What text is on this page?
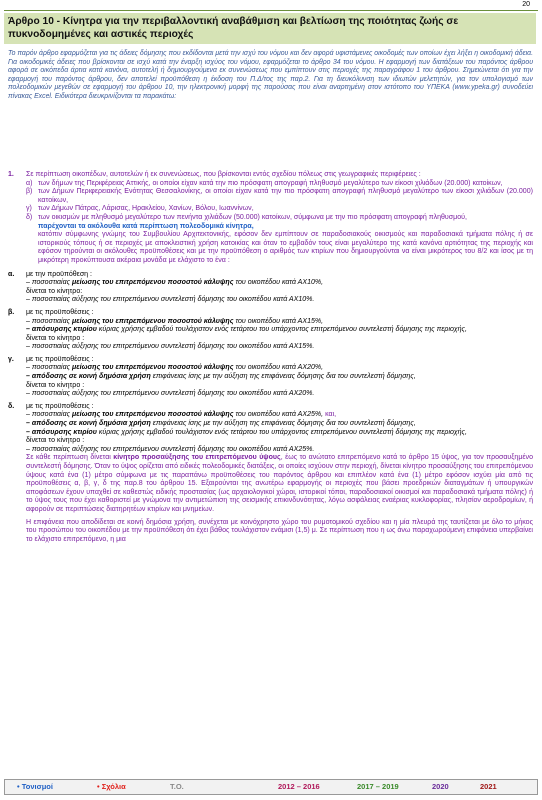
20
Άρθρο 10 - Κίνητρα για την περιβαλλοντική αναβάθμιση και βελτίωση της ποιότητας ζωής σε πυκνοδομημένες και αστικές περιοχές
Το παρόν άρθρο εφαρμόζεται για τις άδειες δόμησης που εκδίδονται μετά την ισχύ του νόμου και δεν αφορά υφιστάμενες οικοδομές των οποίων έχει λήξει η οικοδομική άδεια. Για οικοδομικές άδειες που βρίσκονται σε ισχύ κατά την έναρξη ισχύος του νόμου, εφαρμόζεται το άρθρο 34 του νόμου. Η εφαρμογή των διατάξεων του παρόντος άρθρου αφορά σε οικόπεδα άρτια κατά κανόνα, αυτοτελή ή δημιουργούμενα εκ συνενώσεως που εμπίπτουν στις περιοχές της παραγράφου 1 του άρθρου. Σημειώνεται ότι για την εφαρμογή του παρόντος άρθρου, δεν αποτελεί προϋπόθεση η έκδοση του Π.Δ/τος της παρ.2. Για τη διευκόλυνση των ιδιωτών μελετητών, για τον υπολογισμό των πολεοδομικών μεγεθών σε εφαρμογή του άρθρου 10, την ηλεκτρονική μορφή της παρούσας που είναι αναρτημένη στον ιστότοπο του ΥΠΕΚΑ (www.ypeka.gr) συνοδεύει πίνακας Excel. Ειδικότερα διευκρινίζονται τα παρακάτω:
1.	Σε περίπτωση οικοπέδων, αυτοτελών ή εκ συνενώσεως, που βρίσκονται εντός σχεδίου πόλεως στις γεωγραφικές περιφέρειες :
α) των δήμων της Περιφέρειας Αττικής, οι οποίοι είχαν κατά την πιο πρόσφατη απογραφή πληθυσμό μεγαλύτερο των είκοσι χιλιάδων (20.000) κατοίκων,
β) των Δήμων Περιφερειακής Ενότητας Θεσσαλονίκης, οι οποίοι είχαν κατά την πιο πρόσφατη απογραφή πληθυσμό μεγαλύτερο των είκοσι χιλιάδων (20.000) κατοίκων,
γ) των Δήμων Πάτρας, Λάρισας, Ηρακλείου, Χανίων, Βόλου, Ιωαννίνων,
δ) των οικισμών με πληθυσμό μεγαλύτερο των πενήντα χιλιάδων (50.000) κατοίκων, σύμφωνα με την πιο πρόσφατη απογραφή πληθυσμού,
παρέχονται τα ακόλουθα κατά περίπτωση πολεοδομικά κίνητρα,
κατόπιν σύμφωνης γνώμης του Συμβουλίου Αρχιτεκτονικής, εφόσον δεν εμπίπτουν σε παραδοσιακούς οικισμούς και παραδοσιακά τμήματα πόλης ή σε ιστορικούς τόπους ή σε περιοχές με αποκλειστική χρήση κατοικίας και όταν το εμβαδόν τους είναι μεγαλύτερο της κατά κανόνα αρτιότητας της περιοχής και εφόσον τηρούνται οι ακόλουθες προϋποθέσεις και με την προϋπόθεση ο αριθμός των κτιρίων που δημιουργούνται να είναι μικρότερος του 8/2 και ίσος με τη μικρότερη προκύπτουσα ακέραια μονάδα με ελάχιστο το ένα :
α.	με την προϋπόθεση :
– ποσοστιαίας μείωσης του επιτρεπόμενου ποσοστού κάλυψης του οικοπέδου κατά ΑΧ10%,
δίνεται το κίνητρο:
– ποσοστιαίας αύξησης του επιτρεπόμενου συντελεστή δόμησης του οικοπέδου κατά ΑΧ10%.
β.	με τις προϋποθέσεις :
– ποσοστιαίας μείωσης του επιτρεπόμενου ποσοστού κάλυψης του οικοπέδου κατά ΑΧ15%,
– απόσυρσης κτιρίου κύριας χρήσης εμβαδού τουλάχιστον ενός τετάρτου του υπάρχοντος επιτρεπόμενου συντελεστή δόμησης της περιοχής,
δίνεται το κίνητρο :
– ποσοστιαίας αύξησης του επιτρεπόμενου συντελεστή δόμησης του οικοπέδου κατά ΑΧ15%.
γ.	με τις προϋποθέσεις :
– ποσοστιαίας μείωσης του επιτρεπόμενου ποσοστού κάλυψης του οικοπέδου κατά ΑΧ20%,
– απόδοσης σε κοινή δημόσια χρήση επιφάνειας ίσης με την αύξηση της επιφάνειας δόμησης δια του συντελεστή δόμησης,
δίνεται το κίνητρο :
– ποσοστιαίας αύξησης του επιτρεπόμενου συντελεστή δόμησης του οικοπέδου κατά ΑΧ20%.
δ.	με τις προϋποθέσεις :
– ποσοστιαίας μείωσης του επιτρεπόμενου ποσοστού κάλυψης του οικοπέδου κατά ΑΧ25%, και,
– απόδοσης σε κοινή δημόσια χρήση επιφάνειας ίσης με την αύξηση της επιφάνειας δόμησης δια του συντελεστή δόμησης,
– απόσυρσης κτιρίου κύριας χρήσης εμβαδού τουλάχιστον ενός τετάρτου του υπάρχοντος επιτρεπόμενου συντελεστή δόμησης της περιοχής,
δίνεται το κίνητρο :
– ποσοστιαίας αύξησης του επιτρεπόμενου συντελεστή δόμησης του οικοπέδου κατά ΑΧ25%.
Σε κάθε περίπτωση δίνεται κίνητρο προσαύξησης του επιτρεπόμενου ύψους, έως το ανώτατο επιτρεπόμενο κατά το άρθρο 15 ύψος, για τον προσαυξημένο συντελεστή δόμησης. Όταν το ύψος ορίζεται από ειδικές πολεοδομικές διατάξεις, οι οποίες ισχύουν στην περιοχή, δίνεται κίνητρο προσαύξησης του επιτρεπόμενου ύψους κατά ένα (1) μέτρο σύμφωνα με τις παραπάνω προϋποθέσεις του παρόντος άρθρου και επιπλέον κατά ένα (1) μέτρο εφόσον ισχύει μία από τις προϋποθέσεις α, β, γ, δ της παρ.8 του άρθρου 15. Εξαιρούνται της ανωτέρω εφαρμογής οι περιοχές που βάσει προεδρικών διαταγμάτων ή υπουργικών αποφάσεων έχουν υπαχθεί σε καθεστώς ειδικής προστασίας (ως αρχαιολογικοί χώροι, ιστορικοί τόποι, παραδοσιακοί οικισμοί και παραδοσιακά τμήματα πόλης) ή το ύψος τους που έχει καθοριστεί με γνώμονα την αντιμετώπιση της σεισμικής επικινδυνότητας, λόγω ασφάλειας εναέριας κυκλοφορίας, πλησίον αεροδρομίων, ή αφορούν σε περιπτώσεις διατηρητέων κτιρίων και μνημείων.
Η επιφάνεια που αποδίδεται σε κοινή δημόσια χρήση, συνέχεται με κοινόχρηστο χώρο του ρυμοτομικού σχεδίου και η μία πλευρά της ταυτίζεται με όλο το μήκος του προσώπου του οικοπέδου με την προϋπόθεση ότι έχει βάθος τουλάχιστον ενάμισι (1,5) μ. Σε περίπτωση που η ως άνω παραχωρούμενη επιφάνεια υπερβαίνει το ελάχιστο επιτρεπόμενο, η μια
• Τονισμοί	• Σχόλια	Τ.Ο.	2012 – 2016	2017 – 2019	2020	2021
